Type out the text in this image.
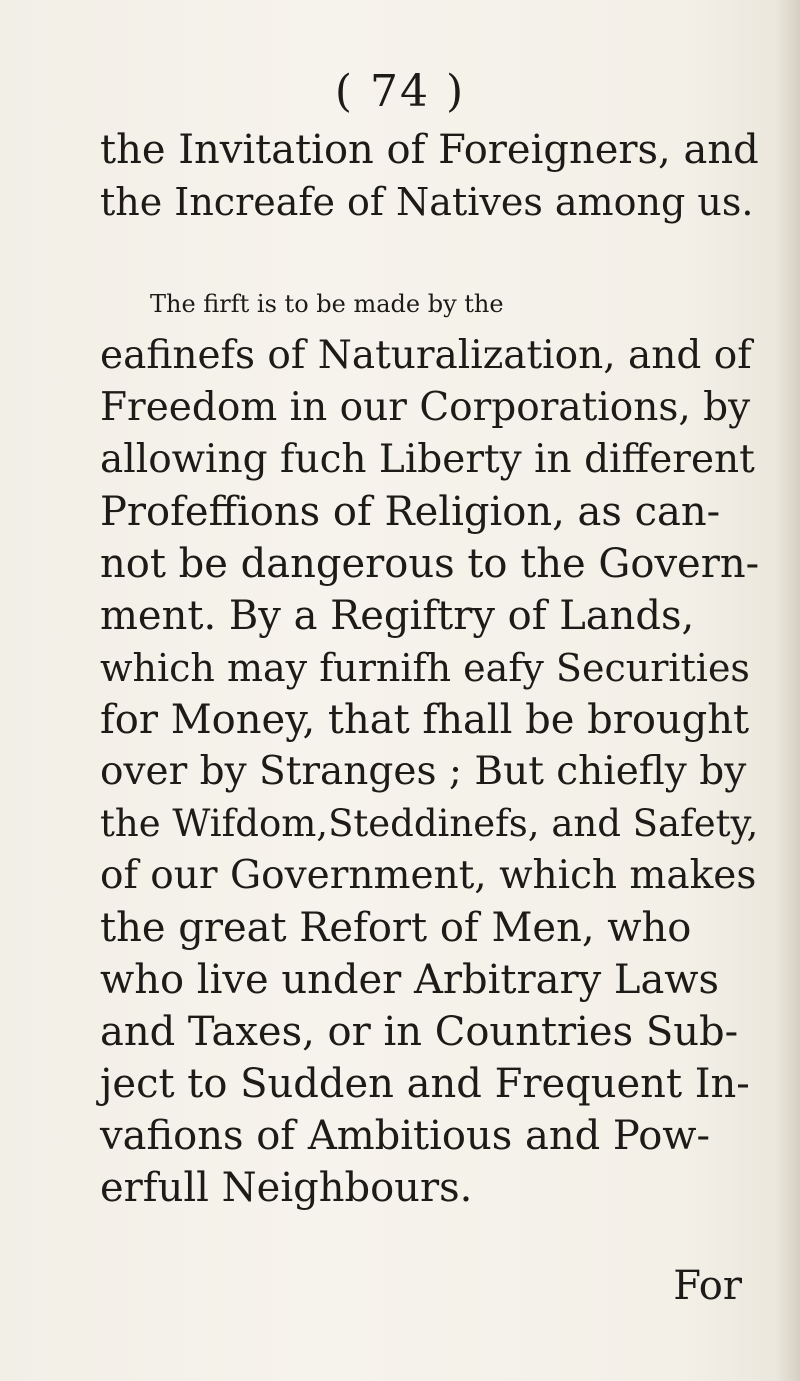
( 74 )
the Invitation of Foreigners, and
the Increafe of Natives among us.
The firft is to be made by the
eafinefs of Naturalization, and of
Freedom in our Corporations, by
allowing fuch Liberty in different
Profeffions of Religion, as can-
not be dangerous to the Govern-
ment. By a Regiftry of Lands,
which may furnifh eafy Securities
for Money, that fhall be brought
over by Stranges ; But chiefly by
the Wifdom,Steddinefs, and Safety,
of our Government, which makes
the great Refort of Men, who
who live under Arbitrary Laws
and Taxes, or in Countries Sub-
ject to Sudden and Frequent In-
vafions of Ambitious and Pow-
erfull Neighbours.
For
